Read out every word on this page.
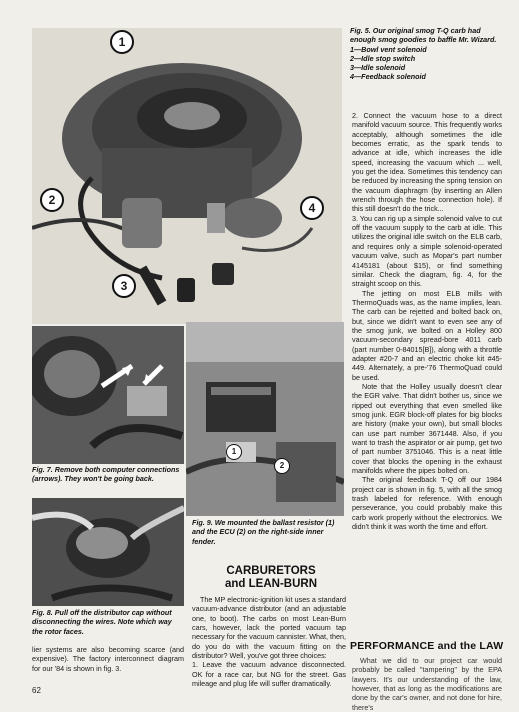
1
2
3
4
Fig. 5. Our original smog T-Q carb had enough smog goodies to baffle Mr. Wizard.
1—Bowl vent solenoid
2—Idle stop switch
3—Idle solenoid
4—Feedback solenoid

2. Connect the vacuum hose to a direct manifold vacuum source. This frequently works acceptably, although sometimes the idle becomes erratic, as the spark tends to advance at idle, which increases the idle speed, increasing the vacuum which ... well, you get the idea. Sometimes this tendency can be reduced by increasing the spring tension on the vacuum diaphragm (by inserting an Allen wrench through the hose connection hole). If this still doesn't do the trick...

3. You can rig up a simple solenoid valve to cut off the vacuum supply to the carb at idle. This utilizes the original idle switch on the ELB carb, and requires only a simple solenoid-operated vacuum valve, such as Mopar's part number 4145181 (about $15), or find something similar. Check the diagram, fig. 4, for the straight scoop on this.

The jetting on most ELB mills with ThermoQuads was, as the name implies, lean. The carb can be rejetted and bolted back on, but, since we didn't want to even see any of the smog junk, we bolted on a Holley 800 vacuum-secondary spread-bore 4011 carb (part number 0-84015[B]), along with a throttle adapter #20-7 and an electric choke kit #45-449. Alternately, a pre-'76 ThermoQuad could be used.

Note that the Holley usually doesn't clear the EGR valve. That didn't bother us, since we ripped out everything that even smelled like smog junk. EGR block-off plates for big blocks are history (make your own), but small blocks can use part number 3671448. Also, if you want to trash the aspirator or air pump, get two of part number 3751046. This is a neat little cover that blocks the opening in the exhaust manifolds where the pipes bolted on.

The original feedback T-Q off our 1984 project car is shown in fig. 5, with all the smog trash labeled for reference. With enough perseverance, you could probably make this carb work properly without the electronics. We didn't think it was worth the time and effort.

1
2
Fig. 7. Remove both computer connections (arrows). They won't be going back.
Fig. 9. We mounted the ballast resistor (1) and the ECU (2) on the right-side inner fender.
Fig. 8. Pull off the distributor cap without disconnecting the wires. Note which way the rotor faces.
CARBURETORS
and LEAN-BURN

The MP electronic-ignition kit uses a standard vacuum-advance distributor (and an adjustable one, to boot). The carbs on most Lean-Burn cars, however, lack the ported vacuum tap necessary for the vacuum cannister. What, then, do you do with the vacuum fitting on the distributor? Well, you've got three choices:

1. Leave the vacuum advance disconnected. OK for a race car, but NG for the street. Gas mileage and plug life will suffer dramatically.

lier systems are also becoming scarce (and expensive). The factory interconnect diagram for our '84 is shown in fig. 3.
PERFORMANCE and the LAW
What we did to our project car would probably be called "tampering" by the EPA lawyers. It's our understanding of the law, however, that as long as the modifications are done by the car's owner, and not done for hire, there's
62
